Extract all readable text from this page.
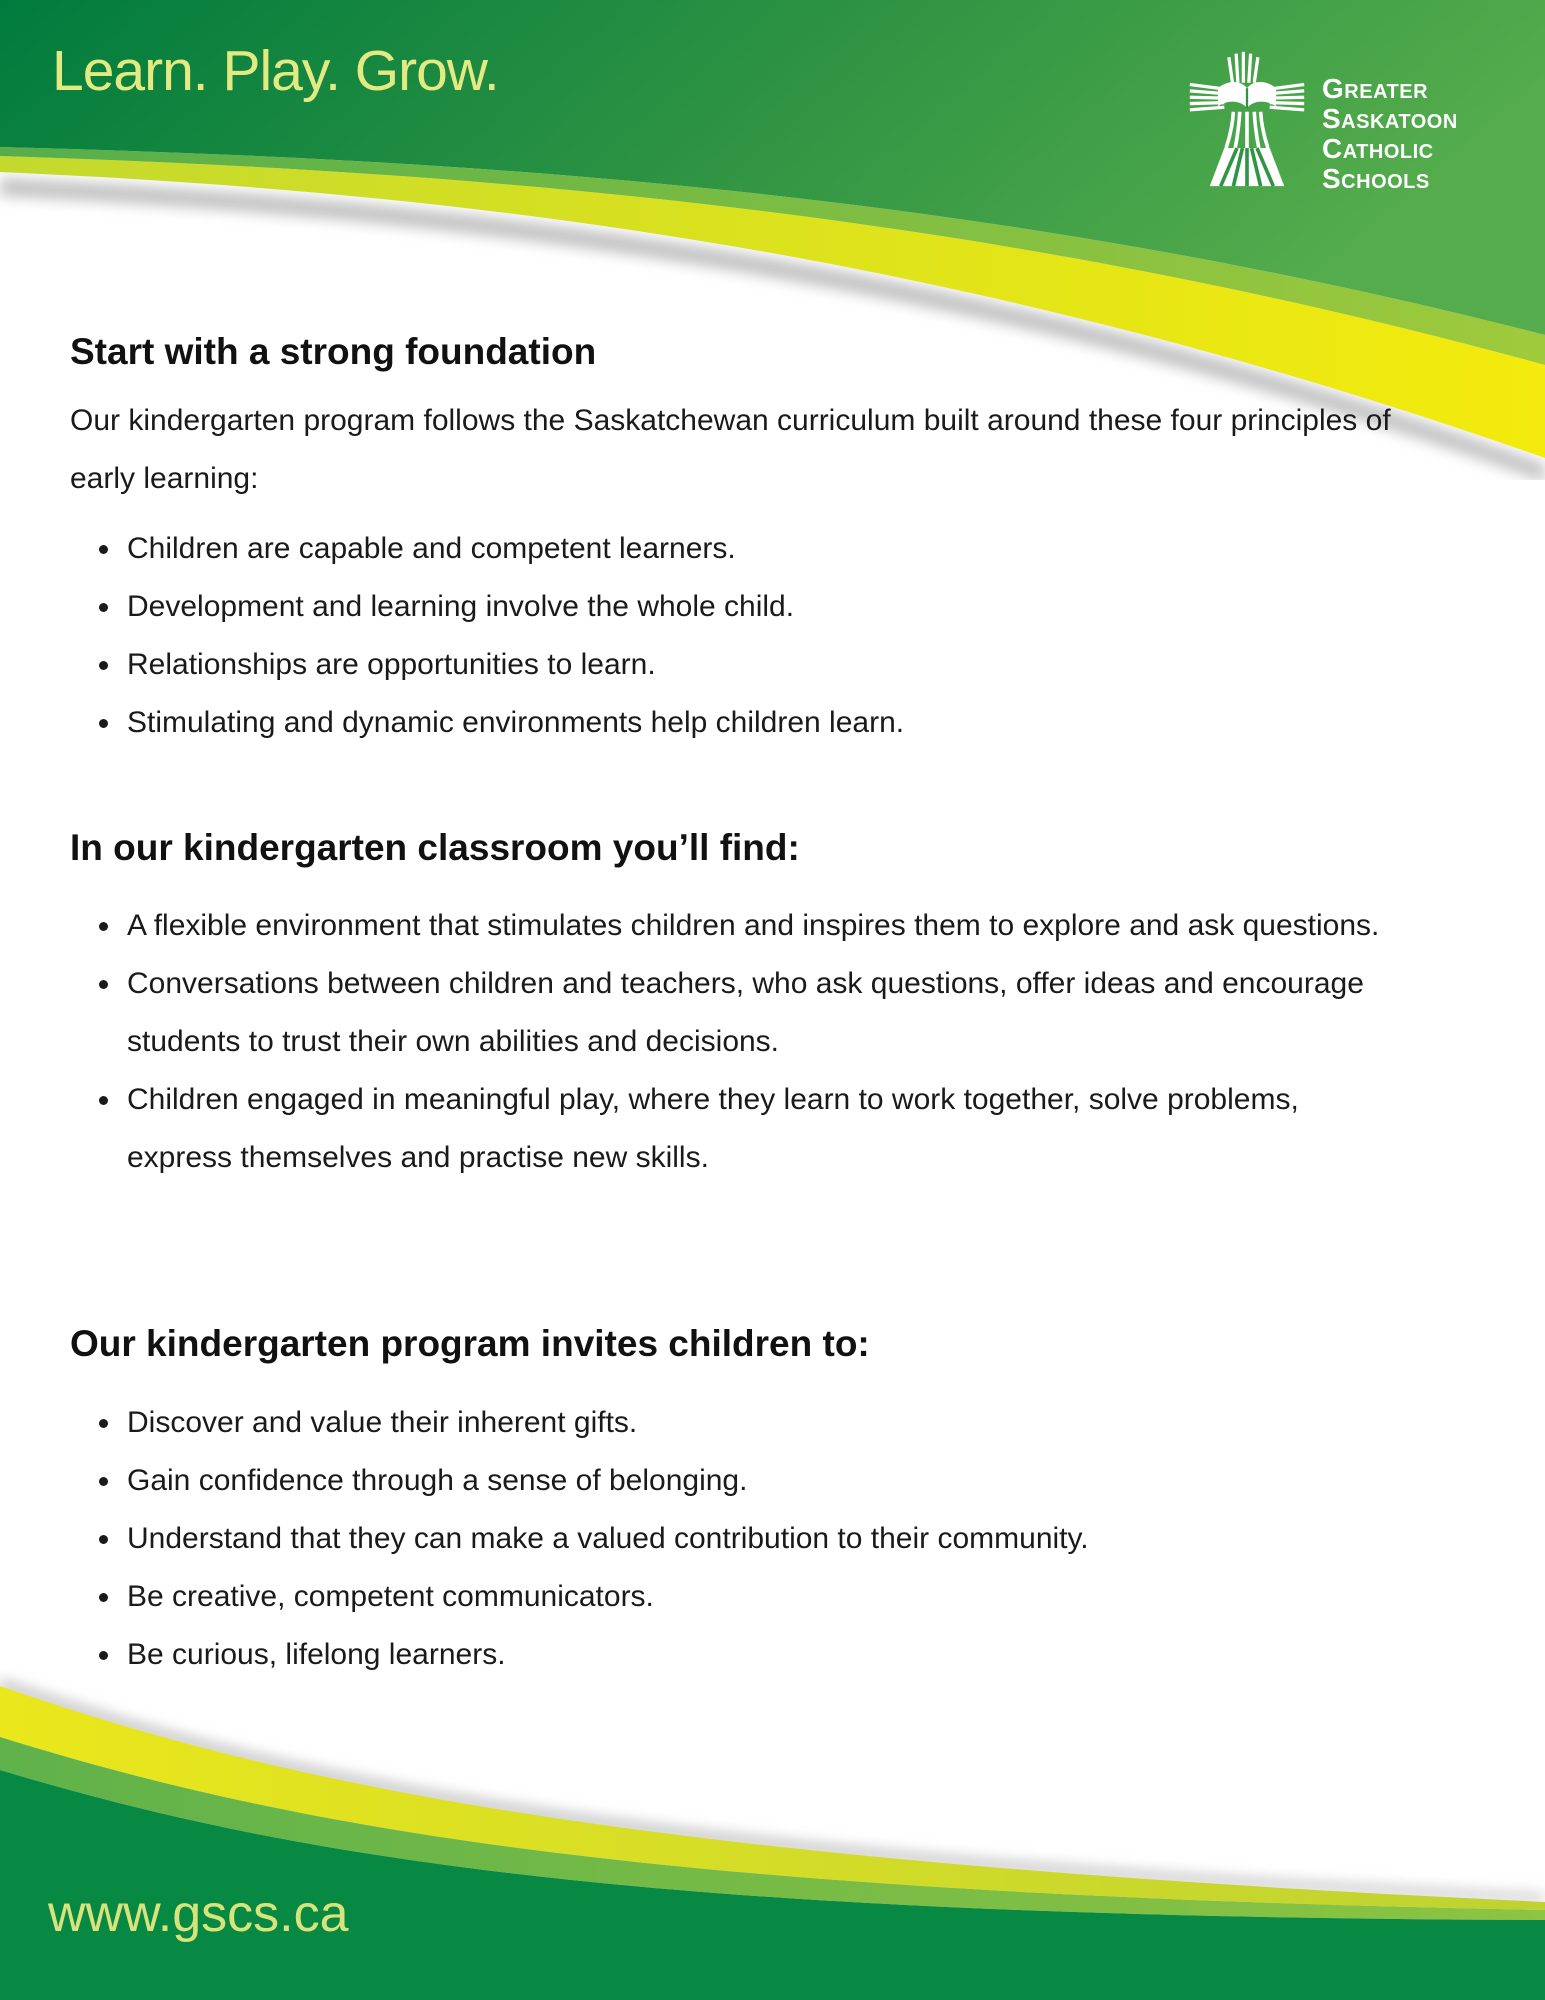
Learn. Play. Grow.	Greater
Saskatoon
Catholic
Schools
Start with a strong foundation

Our kindergarten program follows the Saskatchewan curriculum built around these four principles of early learning:

Children are capable and competent learners.
Development and learning involve the whole child.
Relationships are opportunities to learn.
Stimulating and dynamic environments help children learn.
In our kindergarten classroom you’ll find:
A flexible environment that stimulates children and inspires them to explore and ask questions.
Conversations between children and teachers, who ask questions, offer ideas and encourage students to trust their own abilities and decisions.
Children engaged in meaningful play, where they learn to work together, solve problems, express themselves and practise new skills.
Our kindergarten program invites children to:
Discover and value their inherent gifts.
Gain confidence through a sense of belonging.
Understand that they can make a valued contribution to their community.
Be creative, competent communicators.
Be curious, lifelong learners.
www.gscs.ca
